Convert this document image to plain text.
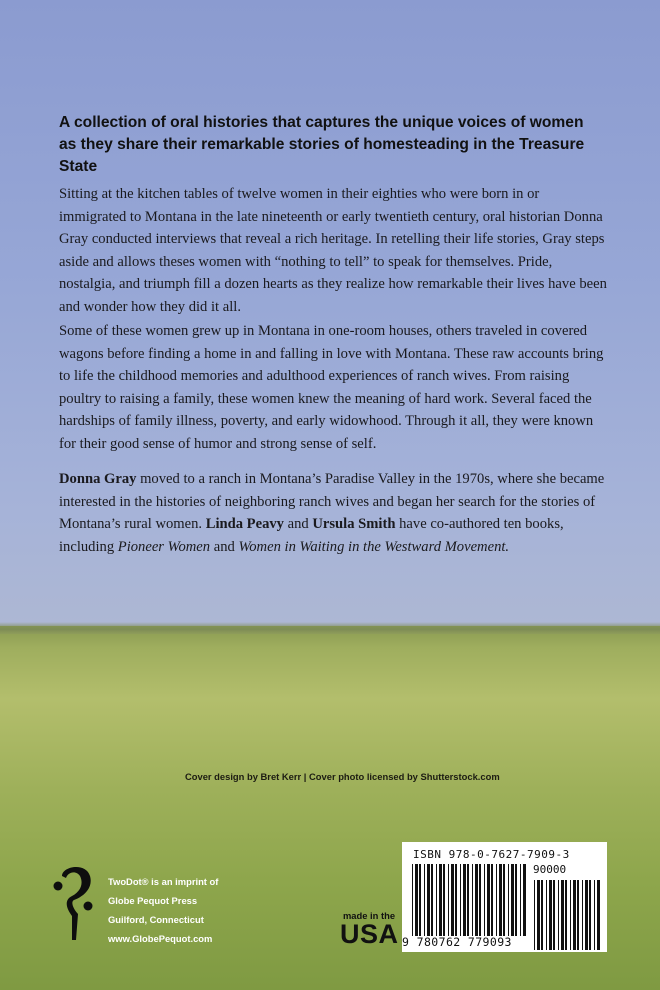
A collection of oral histories that captures the unique voices of women as they share their remarkable stories of homesteading in the Treasure State

Sitting at the kitchen tables of twelve women in their eighties who were born in or immigrated to Montana in the late nineteenth or early twentieth century, oral historian Donna Gray conducted interviews that reveal a rich heritage. In retelling their life stories, Gray steps aside and allows theses women with “nothing to tell” to speak for themselves. Pride, nostalgia, and triumph fill a dozen hearts as they realize how remarkable their lives have been and wonder how they did it all.

Some of these women grew up in Montana in one-room houses, others traveled in covered wagons before finding a home in and falling in love with Montana. These raw accounts bring to life the childhood memories and adulthood experiences of ranch wives. From raising poultry to raising a family, these women knew the meaning of hard work. Several faced the hardships of family illness, poverty, and early widowhood. Through it all, they were known for their good sense of humor and strong sense of self.

Donna Gray moved to a ranch in Montana’s Paradise Valley in the 1970s, where she became interested in the histories of neighboring ranch wives and began her search for the stories of Montana’s rural women. Linda Peavy and Ursula Smith have co-authored ten books, including Pioneer Women and Women in Waiting in the Westward Movement.

Cover design by Bret Kerr | Cover photo licensed by Shutterstock.com

TwoDot® is an imprint of
Globe Pequot Press
Guilford, Connecticut
www.GlobePequot.com
made in the
USA

ISBN 978-0-7627-7909-3

90000

9 780762 779093
